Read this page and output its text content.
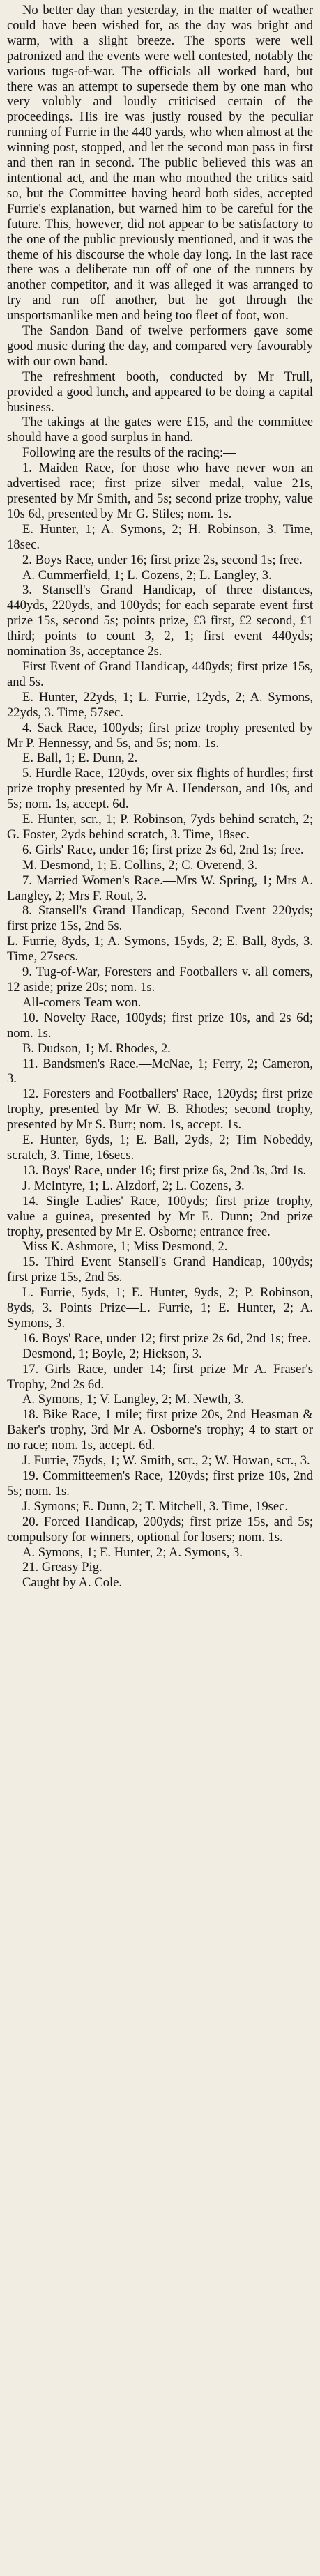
No better day than yesterday, in the matter of weather could have been wished for, as the day was bright and warm, with a slight breeze. The sports were well patronized and the events were well contested, notably the various tugs-of-war. The officials all worked hard, but there was an attempt to supersede them by one man who very volubly and loudly criticised certain of the proceedings. His ire was justly roused by the peculiar running of Furrie in the 440 yards, who when almost at the winning post, stopped, and let the second man pass in first and then ran in second. The public believed this was an intentional act, and the man who mouthed the critics said so, but the Committee having heard both sides, accepted Furrie's explanation, but warned him to be careful for the future. This, however, did not appear to be satisfactory to the one of the public previously mentioned, and it was the theme of his discourse the whole day long. In the last race there was a deliberate run off of one of the runners by another competitor, and it was alleged it was arranged to try and run off another, but he got through the unsportsmanlike men and being too fleet of foot, won.

The Sandon Band of twelve performers gave some good music during the day, and compared very favourably with our own band.

The refreshment booth, conducted by Mr Trull, provided a good lunch, and appeared to be doing a capital business.

The takings at the gates were £15, and the committee should have a good surplus in hand.

Following are the results of the racing:—

1. Maiden Race, for those who have never won an advertised race; first prize silver medal, value 21s, presented by Mr Smith, and 5s; second prize trophy, value 10s 6d, presented by Mr G. Stiles; nom. 1s.

E. Hunter, 1; A. Symons, 2; H. Robinson, 3. Time, 18sec.

2. Boys Race, under 16; first prize 2s, second 1s; free.

A. Cummerfield, 1; L. Cozens, 2; L. Langley, 3.

3. Stansell's Grand Handicap, of three distances, 440yds, 220yds, and 100yds; for each separate event first prize 15s, second 5s; points prize, £3 first, £2 second, £1 third; points to count 3, 2, 1; first event 440yds; nomination 3s, acceptance 2s.

First Event of Grand Handicap, 440yds; first prize 15s, and 5s.

E. Hunter, 22yds, 1; L. Furrie, 12yds, 2; A. Symons, 22yds, 3. Time, 57sec.

4. Sack Race, 100yds; first prize trophy presented by Mr P. Hennessy, and 5s, and 5s; nom. 1s.

E. Ball, 1; E. Dunn, 2.

5. Hurdle Race, 120yds, over six flights of hurdles; first prize trophy presented by Mr A. Henderson, and 10s, and 5s; nom. 1s, accept. 6d.

E. Hunter, scr., 1; P. Robinson, 7yds behind scratch, 2; G. Foster, 2yds behind scratch, 3. Time, 18sec.

6. Girls' Race, under 16; first prize 2s 6d, 2nd 1s; free.

M. Desmond, 1; E. Collins, 2; C. Overend, 3.

7. Married Women's Race.—Mrs W. Spring, 1; Mrs A. Langley, 2; Mrs F. Rout, 3.

8. Stansell's Grand Handicap, Second Event 220yds; first prize 15s, 2nd 5s.

L. Furrie, 8yds, 1; A. Symons, 15yds, 2; E. Ball, 8yds, 3. Time, 27secs.

9. Tug-of-War, Foresters and Footballers v. all comers, 12 aside; prize 20s; nom. 1s.

All-comers Team won.

10. Novelty Race, 100yds; first prize 10s, and 2s 6d; nom. 1s.

B. Dudson, 1; M. Rhodes, 2.

11. Bandsmen's Race.—McNae, 1; Ferry, 2; Cameron, 3.

12. Foresters and Footballers' Race, 120yds; first prize trophy, presented by Mr W. B. Rhodes; second trophy, presented by Mr S. Burr; nom. 1s, accept. 1s.

E. Hunter, 6yds, 1; E. Ball, 2yds, 2; Tim Nobeddy, scratch, 3. Time, 16secs.

13. Boys' Race, under 16; first prize 6s, 2nd 3s, 3rd 1s.

J. McIntyre, 1; L. Alzdorf, 2; L. Cozens, 3.

14. Single Ladies' Race, 100yds; first prize trophy, value a guinea, presented by Mr E. Dunn; 2nd prize trophy, presented by Mr E. Osborne; entrance free.

Miss K. Ashmore, 1; Miss Desmond, 2.

15. Third Event Stansell's Grand Handicap, 100yds; first prize 15s, 2nd 5s.

L. Furrie, 5yds, 1; E. Hunter, 9yds, 2; P. Robinson, 8yds, 3. Points Prize—L. Furrie, 1; E. Hunter, 2; A. Symons, 3.

16. Boys' Race, under 12; first prize 2s 6d, 2nd 1s; free.

Desmond, 1; Boyle, 2; Hickson, 3.

17. Girls Race, under 14; first prize Mr A. Fraser's Trophy, 2nd 2s 6d.

A. Symons, 1; V. Langley, 2; M. Newth, 3.

18. Bike Race, 1 mile; first prize 20s, 2nd Heasman & Baker's trophy, 3rd Mr A. Osborne's trophy; 4 to start or no race; nom. 1s, accept. 6d.

J. Furrie, 75yds, 1; W. Smith, scr., 2; W. Howan, scr., 3.

19. Committeemen's Race, 120yds; first prize 10s, 2nd 5s; nom. 1s.

J. Symons; E. Dunn, 2; T. Mitchell, 3. Time, 19sec.

20. Forced Handicap, 200yds; first prize 15s, and 5s; compulsory for winners, optional for losers; nom. 1s.

A. Symons, 1; E. Hunter, 2; A. Symons, 3.

21. Greasy Pig.

Caught by A. Cole.
